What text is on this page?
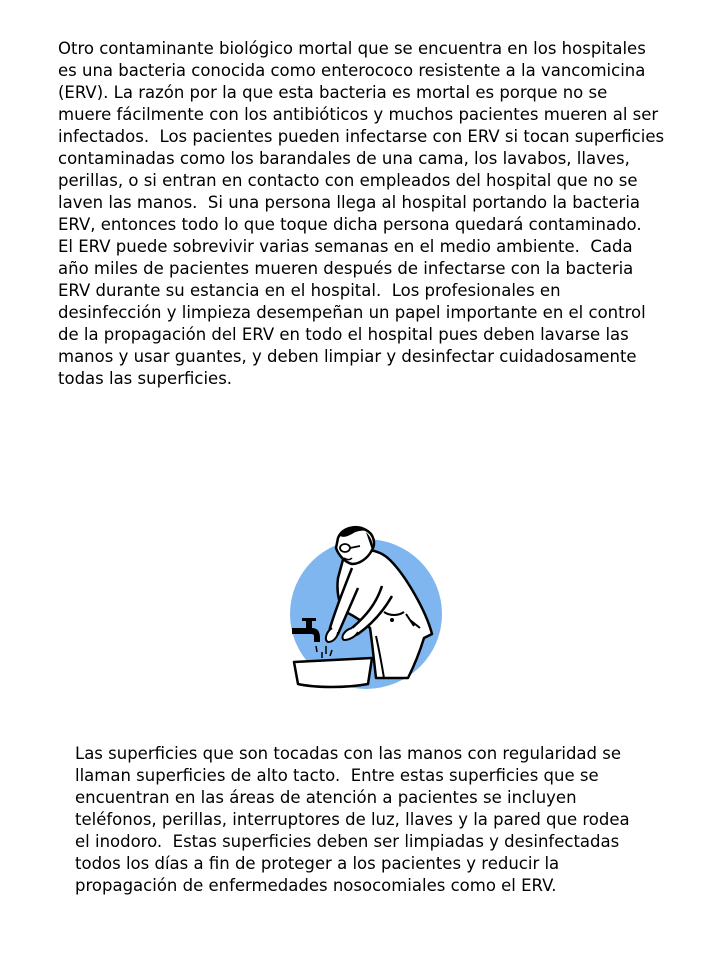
Otro contaminante biológico mortal que se encuentra en los hospitales
es una bacteria conocida como enterococo resistente a la vancomicina
(ERV). La razón por la que esta bacteria es mortal es porque no se
muere fácilmente con los antibióticos y muchos pacientes mueren al ser
infectados.  Los pacientes pueden infectarse con ERV si tocan superficies
contaminadas como los barandales de una cama, los lavabos, llaves,
perillas, o si entran en contacto con empleados del hospital que no se
laven las manos.  Si una persona llega al hospital portando la bacteria
ERV, entonces todo lo que toque dicha persona quedará contaminado.
El ERV puede sobrevivir varias semanas en el medio ambiente.  Cada
año miles de pacientes mueren después de infectarse con la bacteria
ERV durante su estancia en el hospital.  Los profesionales en
desinfección y limpieza desempeñan un papel importante en el control
de la propagación del ERV en todo el hospital pues deben lavarse las
manos y usar guantes, y deben limpiar y desinfectar cuidadosamente
todas las superficies.
Las superficies que son tocadas con las manos con regularidad se
llaman superficies de alto tacto.  Entre estas superficies que se
encuentran en las áreas de atención a pacientes se incluyen
teléfonos, perillas, interruptores de luz, llaves y la pared que rodea
el inodoro.  Estas superficies deben ser limpiadas y desinfectadas
todos los días a fin de proteger a los pacientes y reducir la
propagación de enfermedades nosocomiales como el ERV.
